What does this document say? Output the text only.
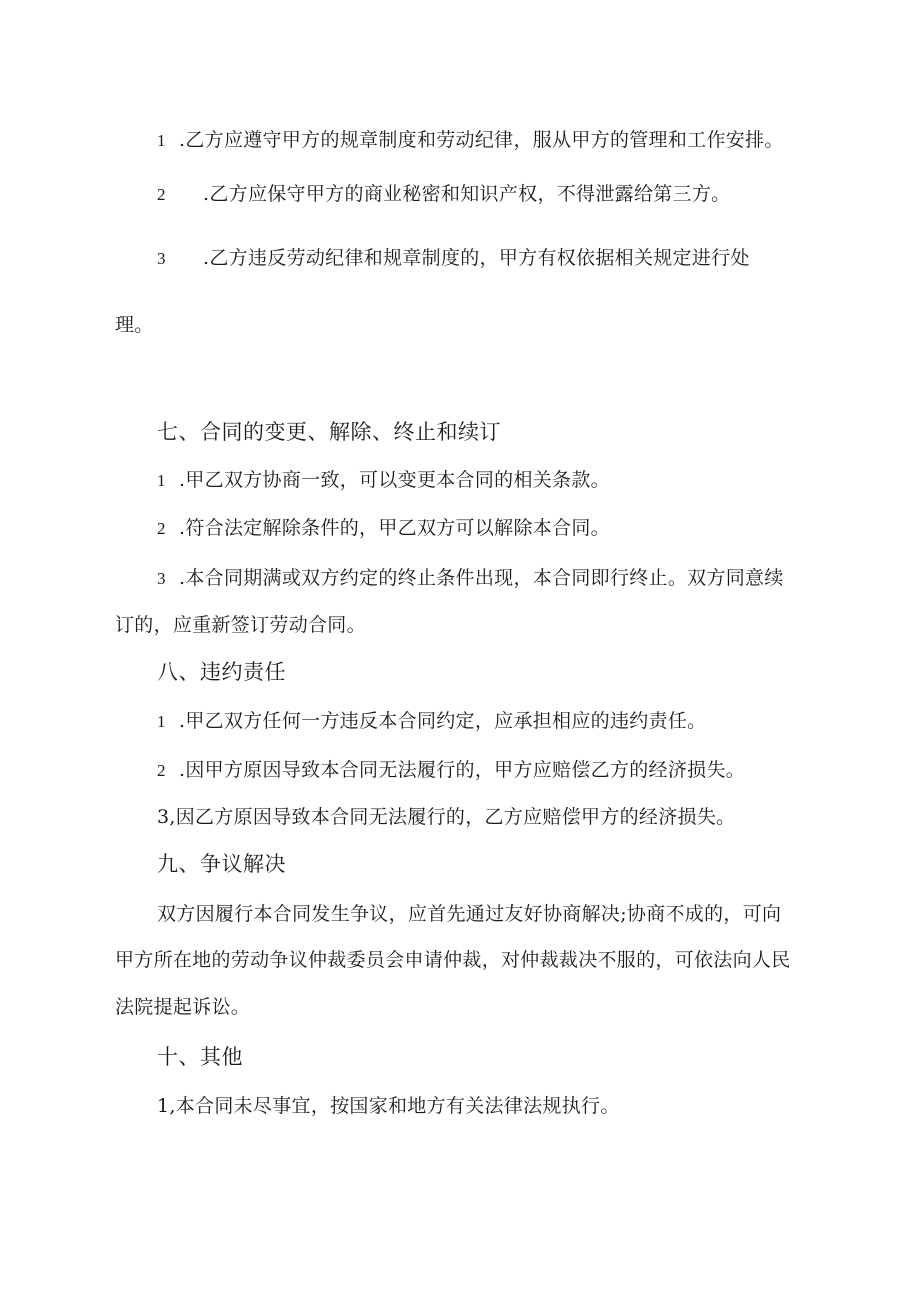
1 .乙方应遵守甲方的规章制度和劳动纪律，服从甲方的管理和工作安排。
2 .乙方应保守甲方的商业秘密和知识产权，不得泄露给第三方。
3 .乙方违反劳动纪律和规章制度的，甲方有权依据相关规定进行处
理。
七、合同的变更、解除、终止和续订
1 .甲乙双方协商一致，可以变更本合同的相关条款。
2 .符合法定解除条件的，甲乙双方可以解除本合同。
3 .本合同期满或双方约定的终止条件出现，本合同即行终止。双方同意续
订的，应重新签订劳动合同。
八、违约责任
1 .甲乙双方任何一方违反本合同约定，应承担相应的违约责任。
2 .因甲方原因导致本合同无法履行的，甲方应赔偿乙方的经济损失。
3,因乙方原因导致本合同无法履行的，乙方应赔偿甲方的经济损失。
九、争议解决
双方因履行本合同发生争议，应首先通过友好协商解决;协商不成的，可向
甲方所在地的劳动争议仲裁委员会申请仲裁，对仲裁裁决不服的，可依法向人民
法院提起诉讼。
十、其他
1,本合同未尽事宜，按国家和地方有关法律法规执行。
